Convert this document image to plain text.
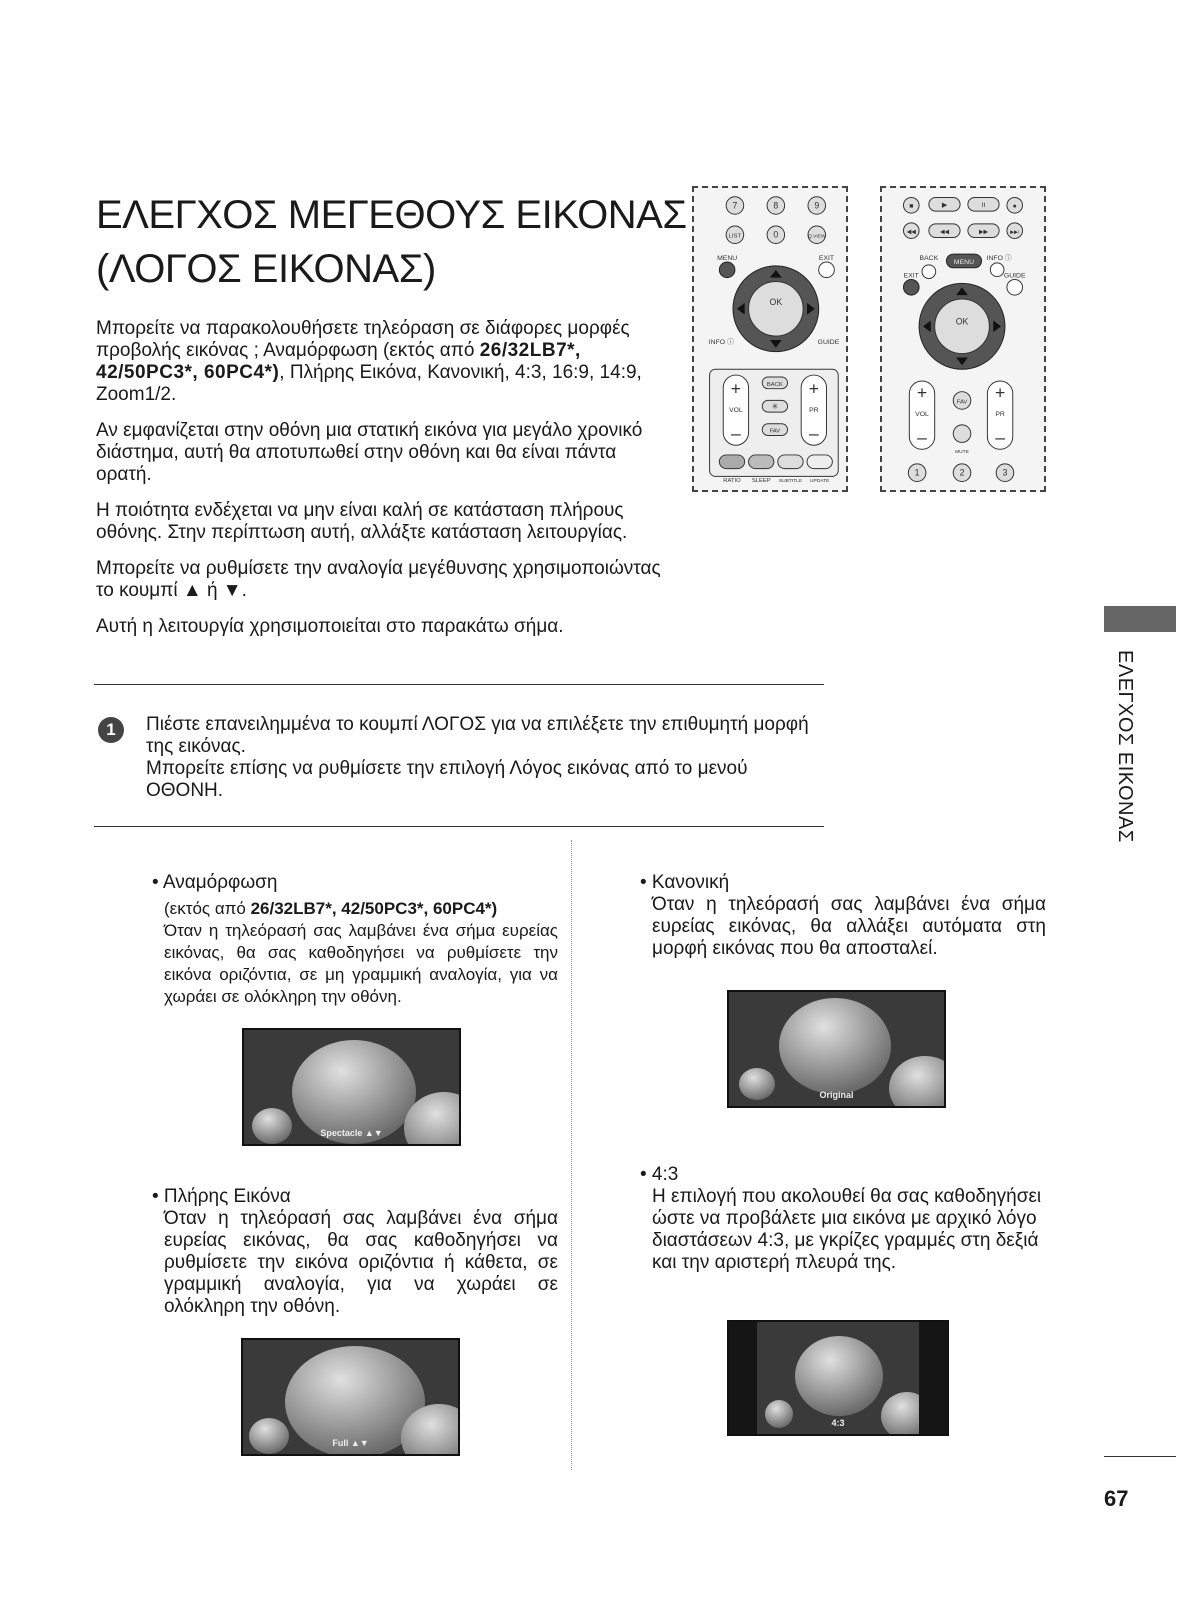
ΕΛΕΓΧΟΣ ΜΕΓΕΘΟΥΣ ΕΙΚΟΝΑΣ
(ΛΟΓΟΣ ΕΙΚΟΝΑΣ)

Μπορείτε να παρακολουθήσετε τηλεόραση σε διάφορες μορφές προβολής εικόνας ; Αναμόρφωση (εκτός από 26/32LB7*, 42/50PC3*, 60PC4*), Πλήρης Εικόνα, Κανονική, 4:3, 16:9, 14:9, Zoom1/2.

Αν εμφανίζεται στην οθόνη μια στατική εικόνα για μεγάλο χρονικό διάστημα, αυτή θα αποτυπωθεί στην οθόνη και θα είναι πάντα ορατή.

Η ποιότητα ενδέχεται να μην είναι καλή σε κατάσταση πλήρους οθόνης. Στην περίπτωση αυτή, αλλάξτε κατάσταση λειτουργίας.

Μπορείτε να ρυθμίσετε την αναλογία μεγέθυνσης χρησιμοποιώντας το κουμπί ▲ ή ▼.

Αυτή η λειτουργία χρησιμοποιείται στο παρακάτω σήμα.

7	8	9
LIST	0	Q.VIEW
MENU	EXIT
OK
INFO ⓘ	GUIDE
+
VOL
–
+
PR
–
BACK
✳
FAV
RATIO SLEEP SUBTITLE UPDATE
■	▶	II	●
◀◀	◀◀	▶▶	▶▶I
BACK
MENU
INFO ⓘ
EXIT	GUIDE
OK
+
VOL
–
+
PR
–
FAV
MUTE
1	2	3
1	Πιέστε επανειλημμένα το κουμπί ΛΟΓΟΣ για να επιλέξετε την επιθυμητή μορφή της εικόνας.
Μπορείτε επίσης να ρυθμίσετε την επιλογή Λόγος εικόνας από το μενού ΟΘΟΝΗ.
• Αναμόρφωση
(εκτός από 26/32LB7*, 42/50PC3*, 60PC4*)
Όταν η τηλεόρασή σας λαμβάνει ένα σήμα ευρείας εικόνας, θα σας καθοδηγήσει να ρυθμίσετε την εικόνα οριζόντια, σε μη γραμμική αναλογία, για να χωράει σε ολόκληρη την οθόνη.
Spectacle ▲▼
• Κανονική
Όταν η τηλεόρασή σας λαμβάνει ένα σήμα ευρείας εικόνας, θα αλλάξει αυτόματα στη μορφή εικόνας που θα αποσταλεί.
Original
• Πλήρης Εικόνα
Όταν η τηλεόρασή σας λαμβάνει ένα σήμα ευρείας εικόνας, θα σας καθοδηγήσει να ρυθμίσετε την εικόνα οριζόντια ή κάθετα, σε γραμμική αναλογία, για να χωράει σε ολόκληρη την οθόνη.
Full ▲▼
• 4:3
Η επιλογή που ακολουθεί θα σας καθοδηγήσει ώστε να προβάλετε μια εικόνα με αρχικό λόγο διαστάσεων 4:3, με γκρίζες γραμμές στη δεξιά και την αριστερή πλευρά της.
4:3
ΕΛΕΓΧΟΣ ΕΙΚΟΝΑΣ
67
